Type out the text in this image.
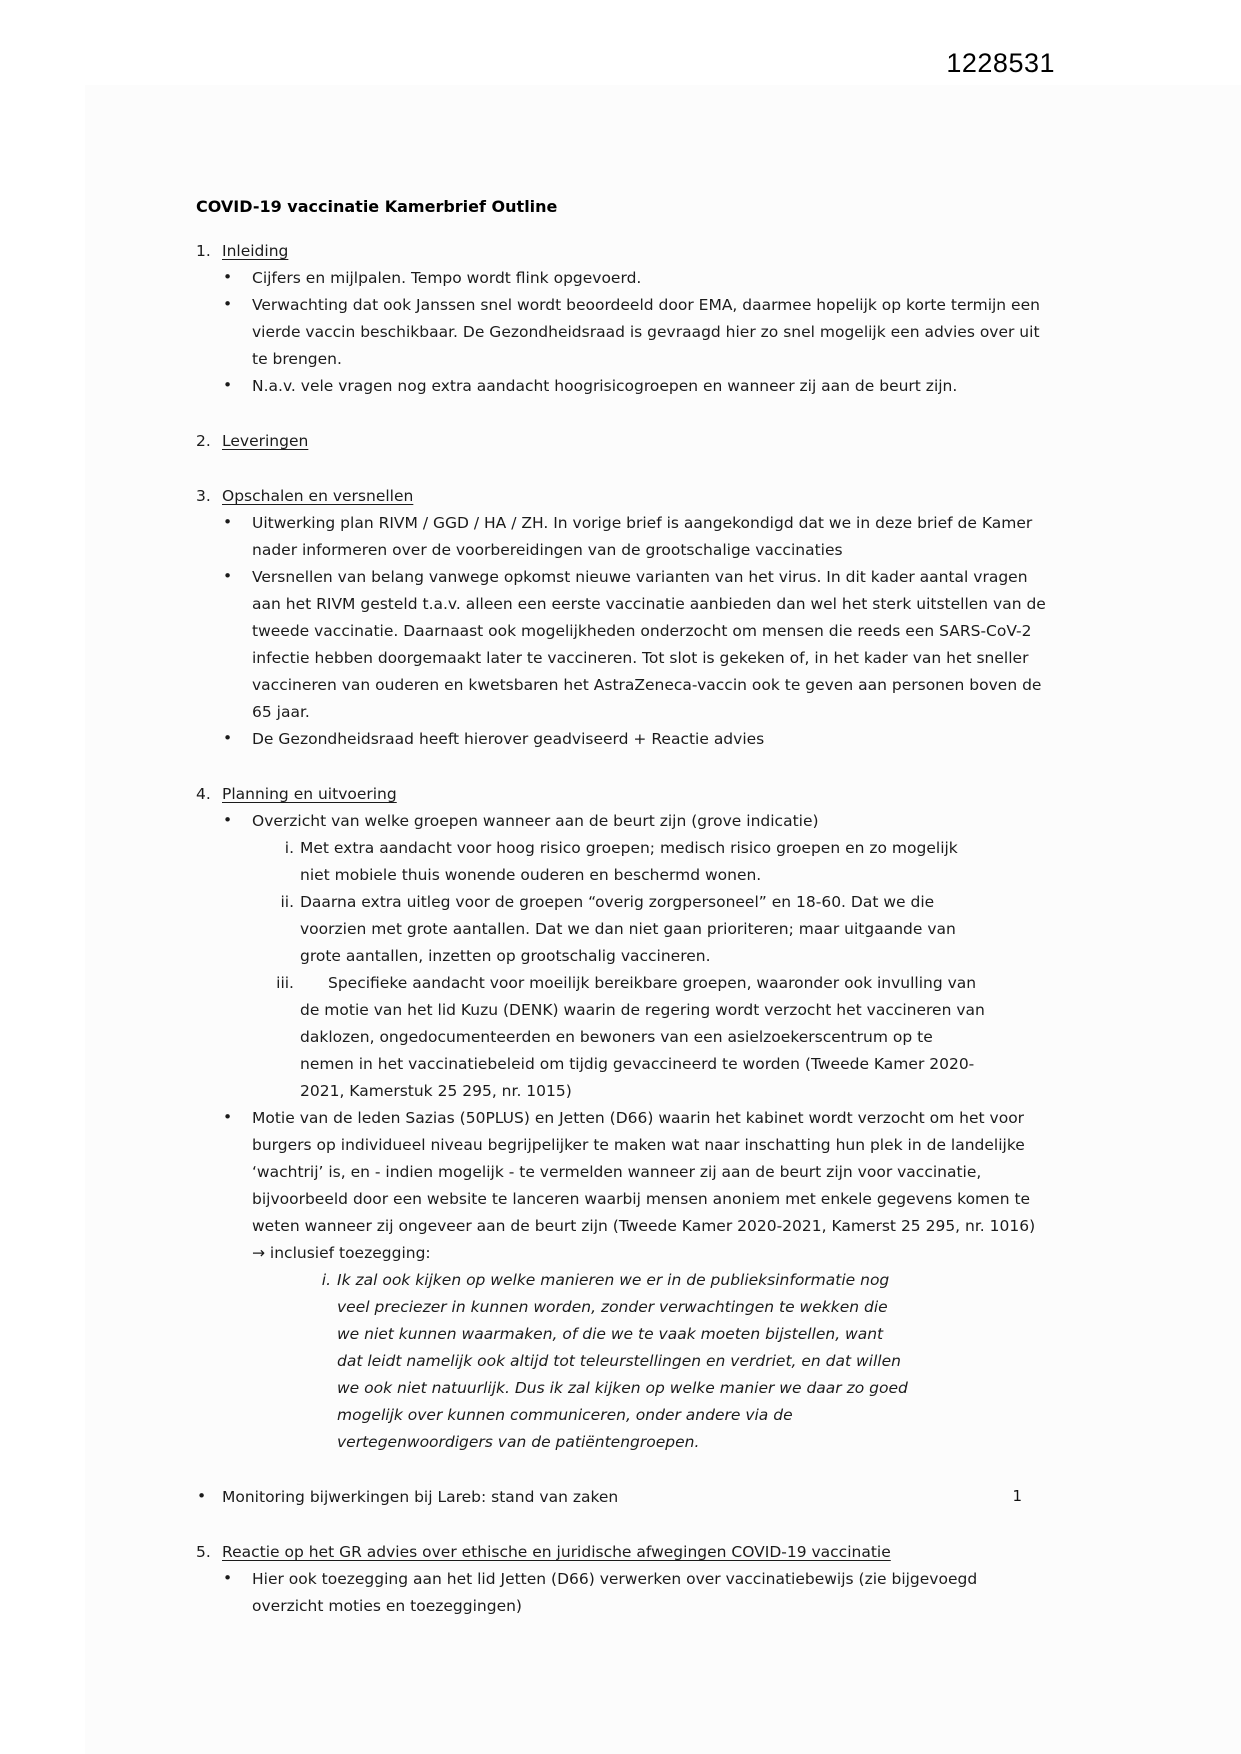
1228531
COVID-19 vaccinatie Kamerbrief Outline
1. Inleiding
• Cijfers en mijlpalen. Tempo wordt flink opgevoerd.
• Verwachting dat ook Janssen snel wordt beoordeeld door EMA, daarmee hopelijk op korte termijn een vierde vaccin beschikbaar. De Gezondheidsraad is gevraagd hier zo snel mogelijk een advies over uit te brengen.
• N.a.v. vele vragen nog extra aandacht hoogrisicogroepen en wanneer zij aan de beurt zijn.
2. Leveringen
3. Opschalen en versnellen
• Uitwerking plan RIVM / GGD / HA / ZH. In vorige brief is aangekondigd dat we in deze brief de Kamer nader informeren over de voorbereidingen van de grootschalige vaccinaties
• Versnellen van belang vanwege opkomst nieuwe varianten van het virus. In dit kader aantal vragen aan het RIVM gesteld t.a.v. alleen een eerste vaccinatie aanbieden dan wel het sterk uitstellen van de tweede vaccinatie. Daarnaast ook mogelijkheden onderzocht om mensen die reeds een SARS-CoV-2 infectie hebben doorgemaakt later te vaccineren. Tot slot is gekeken of, in het kader van het sneller vaccineren van ouderen en kwetsbaren het AstraZeneca-vaccin ook te geven aan personen boven de 65 jaar.
• De Gezondheidsraad heeft hierover geadviseerd + Reactie advies
4. Planning en uitvoering
• Overzicht van welke groepen wanneer aan de beurt zijn (grove indicatie)
i. Met extra aandacht voor hoog risico groepen; medisch risico groepen en zo mogelijk niet mobiele thuis wonende ouderen en beschermd wonen.
ii. Daarna extra uitleg voor de groepen “overig zorgpersoneel” en 18-60. Dat we die voorzien met grote aantallen. Dat we dan niet gaan prioriteren; maar uitgaande van grote aantallen, inzetten op grootschalig vaccineren.
iii. Specifieke aandacht voor moeilijk bereikbare groepen, waaronder ook invulling van de motie van het lid Kuzu (DENK) waarin de regering wordt verzocht het vaccineren van daklozen, ongedocumenteerden en bewoners van een asielzoekerscentrum op te nemen in het vaccinatiebeleid om tijdig gevaccineerd te worden (Tweede Kamer 2020-2021, Kamerstuk 25 295, nr. 1015)
• Motie van de leden Sazias (50PLUS) en Jetten (D66) waarin het kabinet wordt verzocht om het voor burgers op individueel niveau begrijpelijker te maken wat naar inschatting hun plek in de landelijke ‘wachtrij’ is, en - indien mogelijk - te vermelden wanneer zij aan de beurt zijn voor vaccinatie, bijvoorbeeld door een website te lanceren waarbij mensen anoniem met enkele gegevens komen te weten wanneer zij ongeveer aan de beurt zijn (Tweede Kamer 2020-2021, Kamerst 25 295, nr. 1016) → inclusief toezegging:
i. Ik zal ook kijken op welke manieren we er in de publieksinformatie nog veel preciezer in kunnen worden, zonder verwachtingen te wekken die we niet kunnen waarmaken, of die we te vaak moeten bijstellen, want dat leidt namelijk ook altijd tot teleurstellingen en verdriet, en dat willen we ook niet natuurlijk. Dus ik zal kijken op welke manier we daar zo goed mogelijk over kunnen communiceren, onder andere via de vertegenwoordigers van de patiëntengroepen.
• Monitoring bijwerkingen bij Lareb: stand van zaken
5. Reactie op het GR advies over ethische en juridische afwegingen COVID-19 vaccinatie
• Hier ook toezegging aan het lid Jetten (D66) verwerken over vaccinatiebewijs (zie bijgevoegd overzicht moties en toezeggingen)
1
